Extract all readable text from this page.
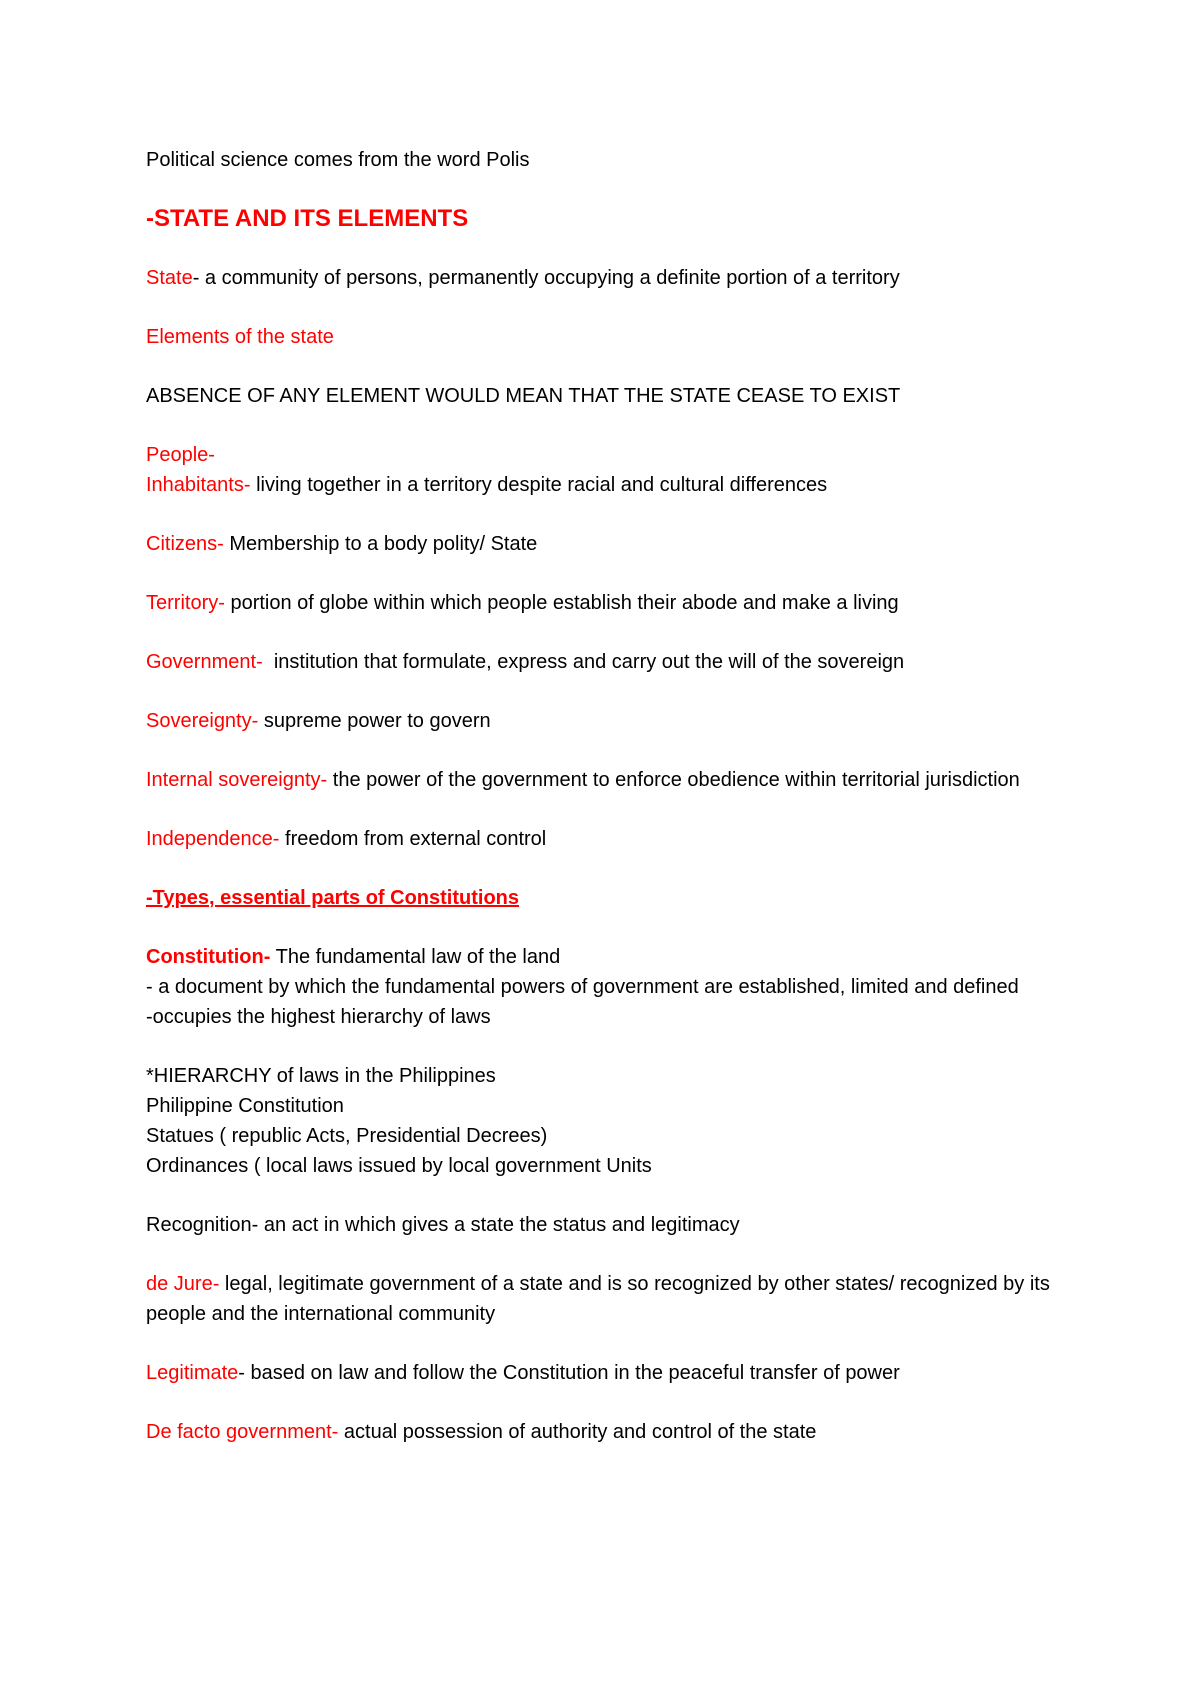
Political science comes from the word Polis

-STATE AND ITS ELEMENTS

State- a community of persons, permanently occupying a definite portion of a territory

Elements of the state

ABSENCE OF ANY ELEMENT WOULD MEAN THAT THE STATE CEASE TO EXIST

People-

Inhabitants- living together in a territory despite racial and cultural differences

Citizens- Membership to a body polity/ State

Territory- portion of globe within which people establish their abode and make a living

Government-  institution that formulate, express and carry out the will of the sovereign

Sovereignty- supreme power to govern

Internal sovereignty- the power of the government to enforce obedience within territorial jurisdiction

Independence- freedom from external control

-Types, essential parts of Constitutions

Constitution- The fundamental law of the land

- a document by which the fundamental powers of government are established, limited and defined

-occupies the highest hierarchy of laws

*HIERARCHY of laws in the Philippines

Philippine Constitution

Statues ( republic Acts, Presidential Decrees)

Ordinances ( local laws issued by local government Units

Recognition- an act in which gives a state the status and legitimacy

de Jure- legal, legitimate government of a state and is so recognized by other states/ recognized by its people and the international community

Legitimate- based on law and follow the Constitution in the peaceful transfer of power

De facto government- actual possession of authority and control of the state
